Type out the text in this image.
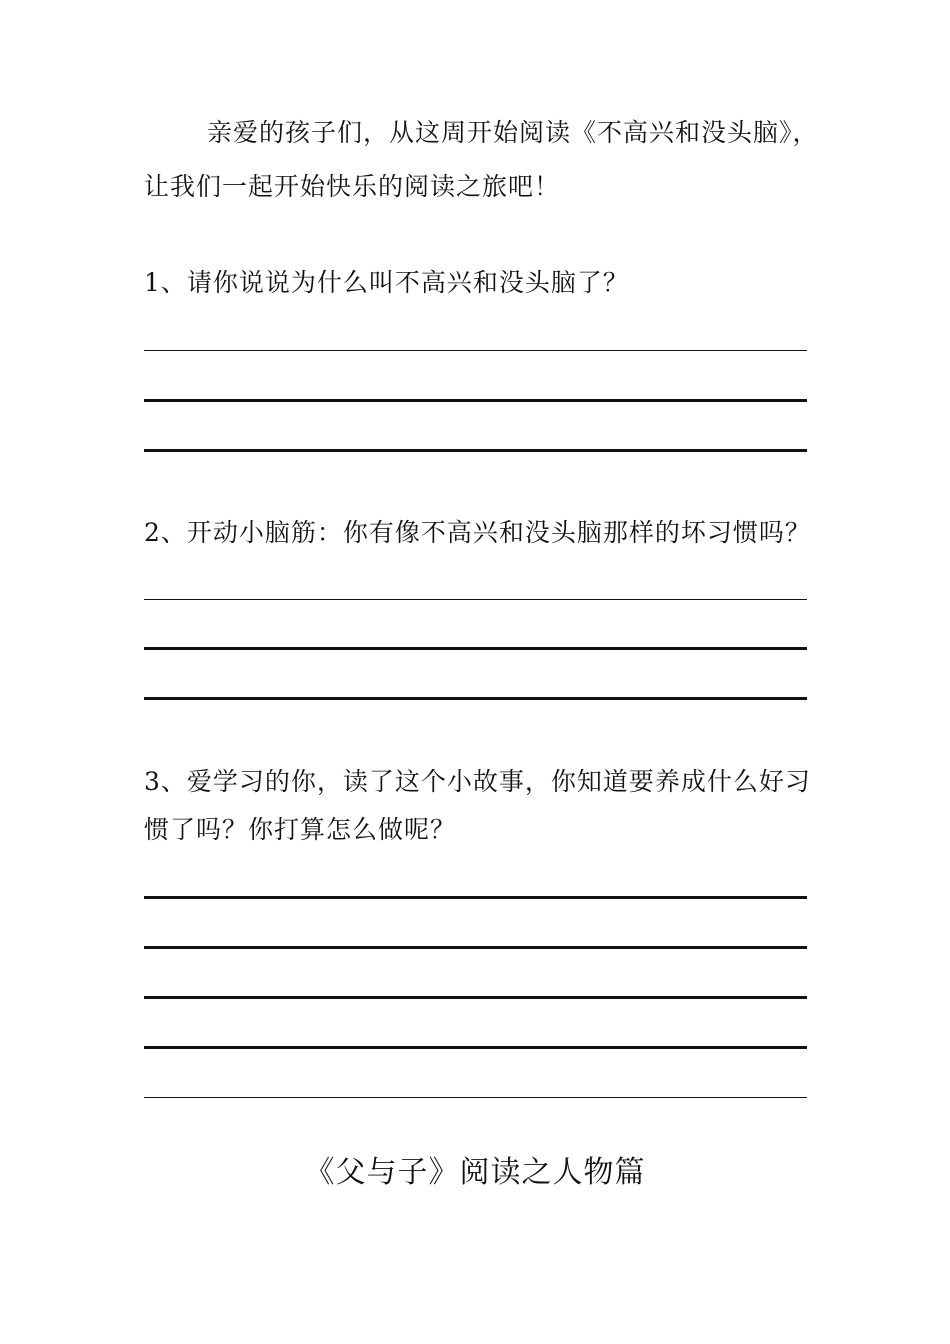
亲爱的孩子们，从这周开始阅读《不高兴和没头脑》，
让我们一起开始快乐的阅读之旅吧！
1、请你说说为什么叫不高兴和没头脑了？
2、开动小脑筋：你有像不高兴和没头脑那样的坏习惯吗？
3、爱学习的你，读了这个小故事，你知道要养成什么好习
惯了吗？你打算怎么做呢？
《父与子》阅读之人物篇
